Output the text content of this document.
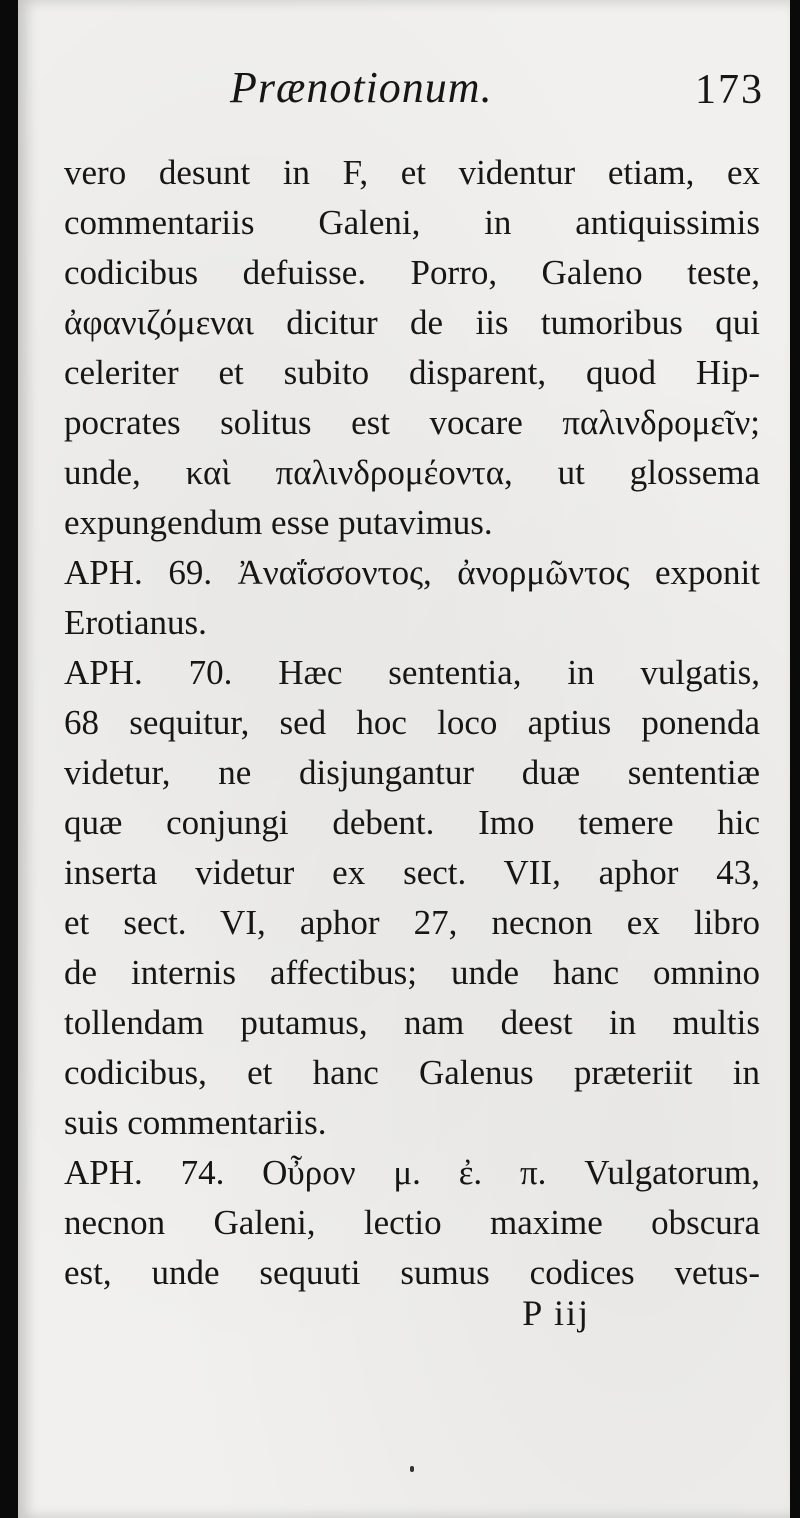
Prænotionum.	173
vero desunt in F, et videntur etiam, ex
commentariis Galeni, in antiquissimis
codicibus defuisse. Porro, Galeno teste,
ἀφανιζόμεναι dicitur de iis tumoribus qui
celeriter et subito disparent, quod Hip-
pocrates solitus est vocare παλινδρομεῖν;
unde, καὶ παλινδρομέοντα, ut glossema
expungendum esse putavimus.
APH. 69. Ἀναΐσσοντος, ἀνορμῶντος exponit
Erotianus.
APH. 70. Hæc sententia, in vulgatis,
68 sequitur, sed hoc loco aptius ponenda
videtur, ne disjungantur duæ sententiæ
quæ conjungi debent. Imo temere hic
inserta videtur ex sect. VII, aphor 43,
et sect. VI, aphor 27, necnon ex libro
de internis affectibus; unde hanc omnino
tollendam putamus, nam deest in multis
codicibus, et hanc Galenus præteriit in
suis commentariis.
APH. 74. Οὖρον μ. ἐ. π. Vulgatorum,
necnon Galeni, lectio maxime obscura
est, unde sequuti sumus codices vetus-
P iij
